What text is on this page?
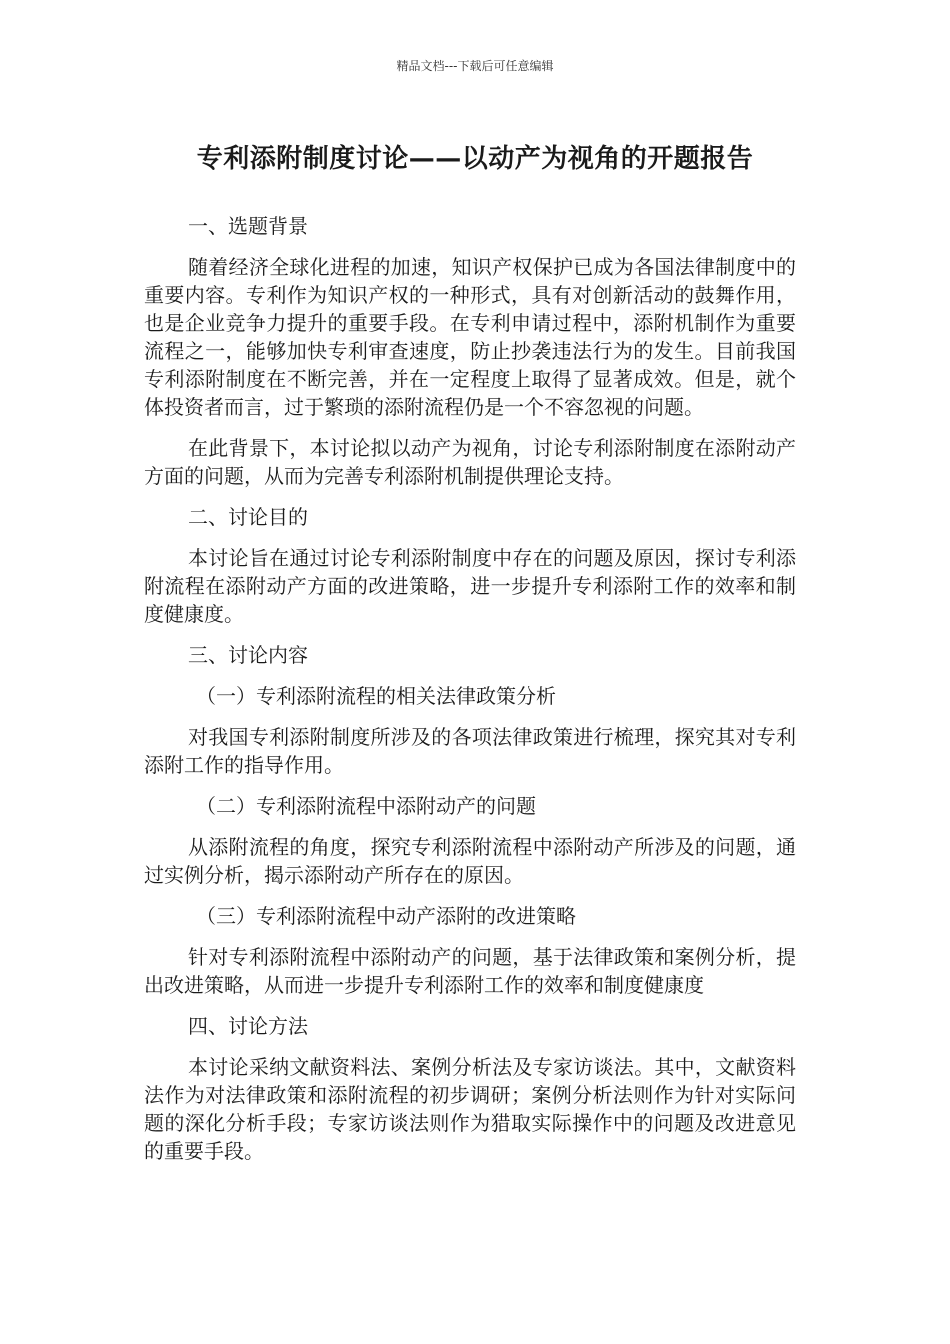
精品文档---下载后可任意编辑
专利添附制度讨论——以动产为视角的开题报告

一、选题背景

随着经济全球化进程的加速，知识产权保护已成为各国法律制度中的重要内容。专利作为知识产权的一种形式，具有对创新活动的鼓舞作用，也是企业竞争力提升的重要手段。在专利申请过程中，添附机制作为重要流程之一，能够加快专利审查速度，防止抄袭违法行为的发生。目前我国专利添附制度在不断完善，并在一定程度上取得了显著成效。但是，就个体投资者而言，过于繁琐的添附流程仍是一个不容忽视的问题。

在此背景下，本讨论拟以动产为视角，讨论专利添附制度在添附动产方面的问题，从而为完善专利添附机制提供理论支持。

二、讨论目的

本讨论旨在通过讨论专利添附制度中存在的问题及原因，探讨专利添附流程在添附动产方面的改进策略，进一步提升专利添附工作的效率和制度健康度。

三、讨论内容

（一）专利添附流程的相关法律政策分析

对我国专利添附制度所涉及的各项法律政策进行梳理，探究其对专利添附工作的指导作用。

（二）专利添附流程中添附动产的问题

从添附流程的角度，探究专利添附流程中添附动产所涉及的问题，通过实例分析，揭示添附动产所存在的原因。

（三）专利添附流程中动产添附的改进策略

针对专利添附流程中添附动产的问题，基于法律政策和案例分析，提出改进策略，从而进一步提升专利添附工作的效率和制度健康度

四、讨论方法

本讨论采纳文献资料法、案例分析法及专家访谈法。其中，文献资料法作为对法律政策和添附流程的初步调研；案例分析法则作为针对实际问题的深化分析手段；专家访谈法则作为猎取实际操作中的问题及改进意见的重要手段。
